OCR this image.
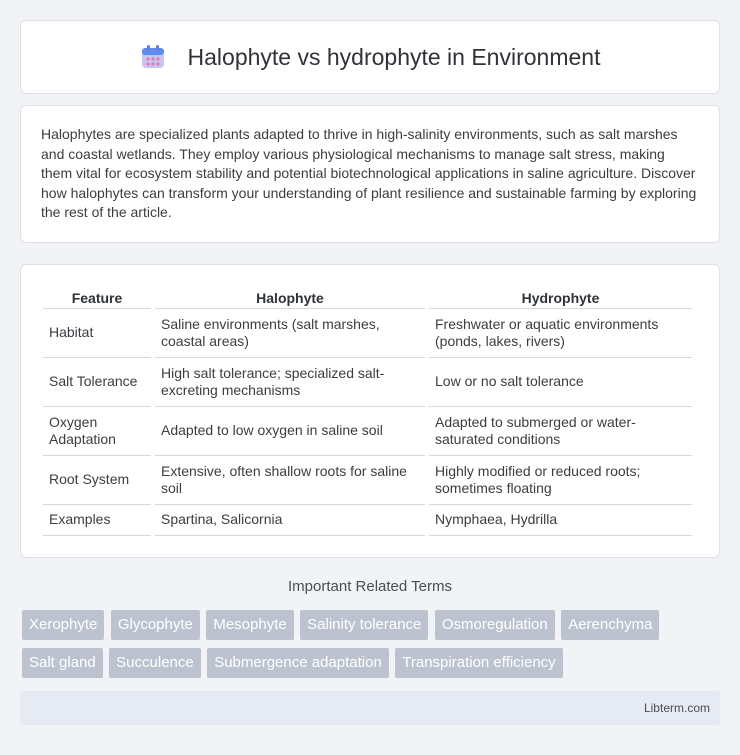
Halophyte vs hydrophyte in Environment

Halophytes are specialized plants adapted to thrive in high-salinity environments, such as salt marshes and coastal wetlands. They employ various physiological mechanisms to manage salt stress, making them vital for ecosystem stability and potential biotechnological applications in saline agriculture. Discover how halophytes can transform your understanding of plant resilience and sustainable farming by exploring the rest of the article.

Feature	Halophyte	Hydrophyte
Habitat	Saline environments (salt marshes, coastal areas)	Freshwater or aquatic environments (ponds, lakes, rivers)
Salt Tolerance	High salt tolerance; specialized salt-excreting mechanisms	Low or no salt tolerance
Oxygen Adaptation	Adapted to low oxygen in saline soil	Adapted to submerged or water-saturated conditions
Root System	Extensive, often shallow roots for saline soil	Highly modified or reduced roots; sometimes floating
Examples	Spartina, Salicornia	Nymphaea, Hydrilla
Important Related Terms
Xerophyte Glycophyte Mesophyte Salinity tolerance Osmoregulation Aerenchyma Salt gland Succulence Submergence adaptation Transpiration efficiency
Libterm.com
